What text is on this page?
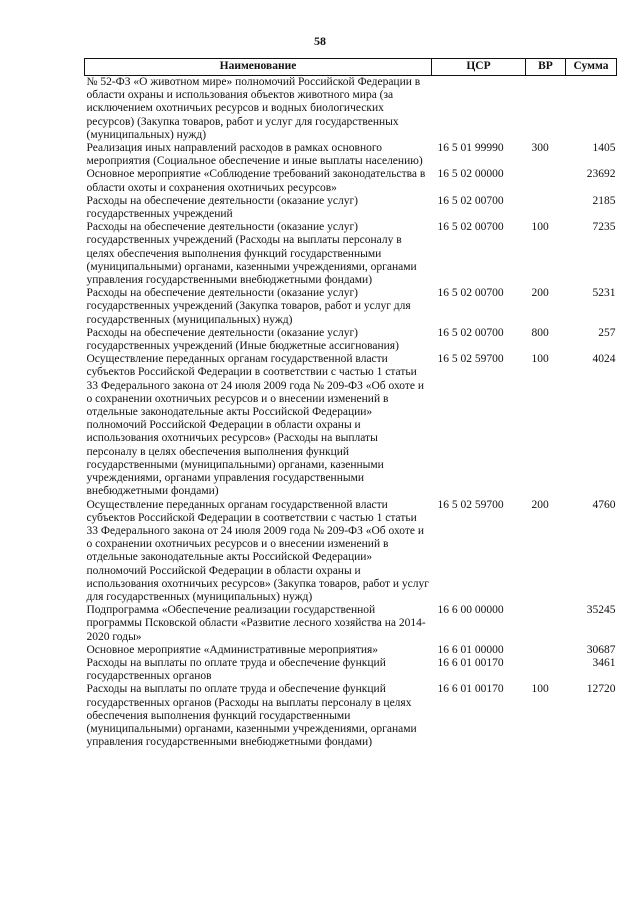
58
Наименование	ЦСР	ВР	Сумма
№ 52-ФЗ «О животном мире» полномочий Российской Федерации в области охраны и использования объектов животного мира (за исключением охотничьих ресурсов и водных биологических ресурсов) (Закупка товаров, работ и услуг для государственных (муниципальных) нужд)			
Реализация иных направлений расходов в рамках основного мероприятия (Социальное обеспечение и иные выплаты населению)	16 5 01 99990	300	1405
Основное мероприятие «Соблюдение требований законодательства в области охоты и сохранения охотничьих ресурсов»	16 5 02 00000		23692
Расходы на обеспечение деятельности (оказание услуг) государственных учреждений	16 5 02 00700		2185
Расходы на обеспечение деятельности (оказание услуг) государственных учреждений (Расходы на выплаты персоналу в целях обеспечения выполнения функций государственными (муниципальными) органами, казенными учреждениями, органами управления государственными внебюджетными фондами)	16 5 02 00700	100	7235
Расходы на обеспечение деятельности (оказание услуг) государственных учреждений (Закупка товаров, работ и услуг для государственных (муниципальных) нужд)	16 5 02 00700	200	5231
Расходы на обеспечение деятельности (оказание услуг) государственных учреждений (Иные бюджетные ассигнования)	16 5 02 00700	800	257
Осуществление переданных органам государственной власти субъектов Российской Федерации в соответствии с частью 1 статьи 33 Федерального закона от 24 июля 2009 года № 209-ФЗ «Об охоте и о сохранении охотничьих ресурсов и о внесении изменений в отдельные законодательные акты Российской Федерации» полномочий Российской Федерации в области охраны и использования охотничьих ресурсов» (Расходы на выплаты персоналу в целях обеспечения выполнения функций государственными (муниципальными) органами, казенными учреждениями, органами управления государственными внебюджетными фондами)	16 5 02 59700	100	4024
Осуществление переданных органам государственной власти субъектов Российской Федерации в соответствии с частью 1 статьи 33 Федерального закона от 24 июля 2009 года № 209-ФЗ «Об охоте и о сохранении охотничьих ресурсов и о внесении изменений в отдельные законодательные акты Российской Федерации» полномочий Российской Федерации в области охраны и использования охотничьих ресурсов» (Закупка товаров, работ и услуг для государственных (муниципальных) нужд)	16 5 02 59700	200	4760
Подпрограмма «Обеспечение реализации государственной программы Псковской области «Развитие лесного хозяйства на 2014-2020 годы»	16 6 00 00000		35245
Основное мероприятие «Административные мероприятия»	16 6 01 00000		30687
Расходы на выплаты по оплате труда и обеспечение функций государственных органов	16 6 01 00170		3461
Расходы на выплаты по оплате труда и обеспечение функций государственных органов (Расходы на выплаты персоналу в целях обеспечения выполнения функций государственными (муниципальными) органами, казенными учреждениями, органами управления государственными внебюджетными фондами)	16 6 01 00170	100	12720
